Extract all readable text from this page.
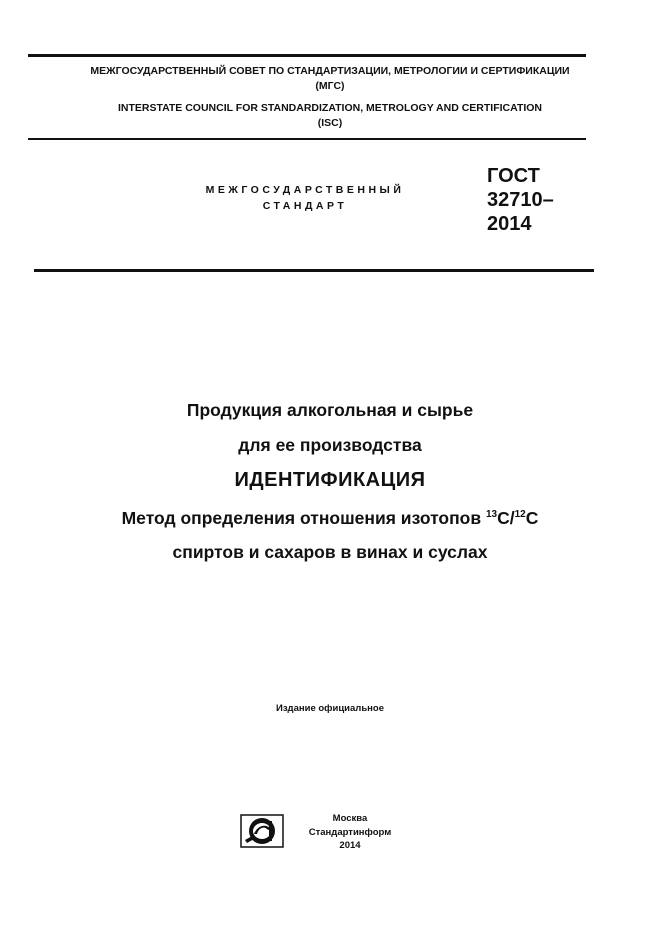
МЕЖГОСУДАРСТВЕННЫЙ СОВЕТ ПО СТАНДАРТИЗАЦИИ, МЕТРОЛОГИИ И СЕРТИФИКАЦИИ
(МГС)
INTERSTATE COUNCIL FOR STANDARDIZATION, METROLOGY AND CERTIFICATION
(ISC)
МЕЖГОСУДАРСТВЕННЫЙ
СТАНДАРТ
ГОСТ
32710–
2014
Продукция алкогольная и сырье
для ее производства
ИДЕНТИФИКАЦИЯ
Метод определения отношения изотопов $^{13}$C/$^{12}$C
спиртов и сахаров в винах и суслах
Издание официальное
Москва
Стандартинформ
2014
